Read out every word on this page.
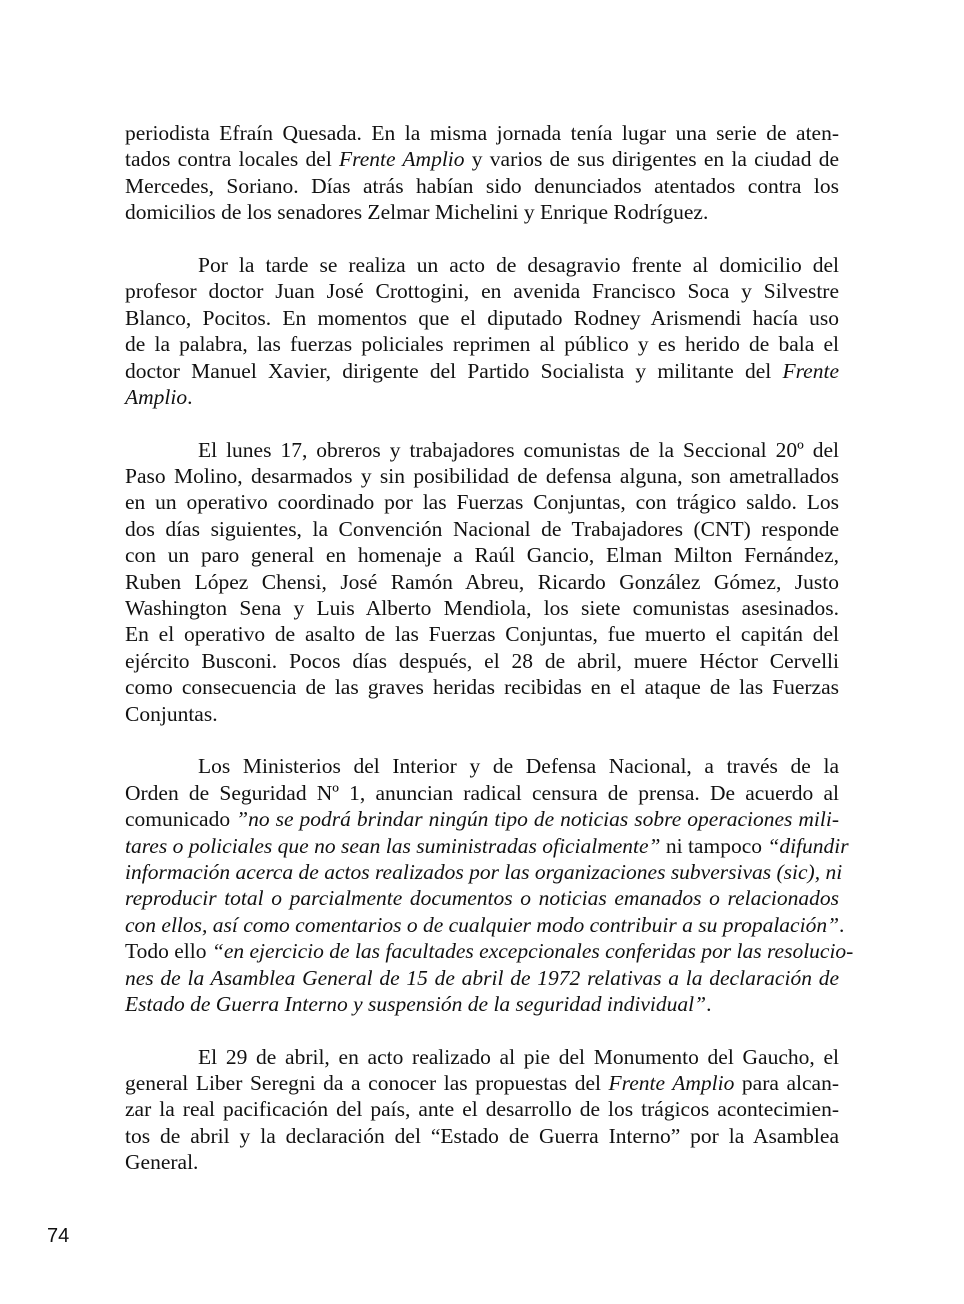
periodista Efraín Quesada. En la misma jornada tenía lugar una serie de aten-
tados contra locales del Frente Amplio y varios de sus dirigentes en la ciudad de
Mercedes, Soriano. Días atrás habían sido denunciados atentados contra los
domicilios de los senadores Zelmar Michelini y Enrique Rodríguez.
Por la tarde se realiza un acto de desagravio frente al domicilio del
profesor doctor Juan José Crottogini, en avenida Francisco Soca y Silvestre
Blanco, Pocitos. En momentos que el diputado Rodney Arismendi hacía uso
de la palabra, las fuerzas policiales reprimen al público y es herido de bala el
doctor Manuel Xavier, dirigente del Partido Socialista y militante del Frente
Amplio.
El lunes 17, obreros y trabajadores comunistas de la Seccional 20º del
Paso Molino, desarmados y sin posibilidad de defensa alguna, son ametrallados
en un operativo coordinado por las Fuerzas Conjuntas, con trágico saldo. Los
dos días siguientes, la Convención Nacional de Trabajadores (CNT) responde
con un paro general en homenaje a Raúl Gancio, Elman Milton Fernández,
Ruben López Chensi, José Ramón Abreu, Ricardo González Gómez, Justo
Washington Sena y Luis Alberto Mendiola, los siete comunistas asesinados.
En el operativo de asalto de las Fuerzas Conjuntas, fue muerto el capitán del
ejército Busconi. Pocos días después, el 28 de abril, muere Héctor Cervelli
como consecuencia de las graves heridas recibidas en el ataque de las Fuerzas
Conjuntas.
Los Ministerios del Interior y de Defensa Nacional, a través de la
Orden de Seguridad Nº 1, anuncian radical censura de prensa. De acuerdo al
comunicado ”no se podrá brindar ningún tipo de noticias sobre operaciones mili-
tares o policiales que no sean las suministradas oficialmente” ni tampoco “difundir
información acerca de actos realizados por las organizaciones subversivas (sic), ni
reproducir total o parcialmente documentos o noticias emanados o relacionados
con ellos, así como comentarios o de cualquier modo contribuir a su propalación”.
Todo ello “en ejercicio de las facultades excepcionales conferidas por las resolucio-
nes de la Asamblea General de 15 de abril de 1972 relativas a la declaración de
Estado de Guerra Interno y suspensión de la seguridad individual”.
El 29 de abril, en acto realizado al pie del Monumento del Gaucho, el
general Liber Seregni da a conocer las propuestas del Frente Amplio para alcan-
zar la real pacificación del país, ante el desarrollo de los trágicos acontecimien-
tos de abril y la declaración del “Estado de Guerra Interno” por la Asamblea
General.
74
